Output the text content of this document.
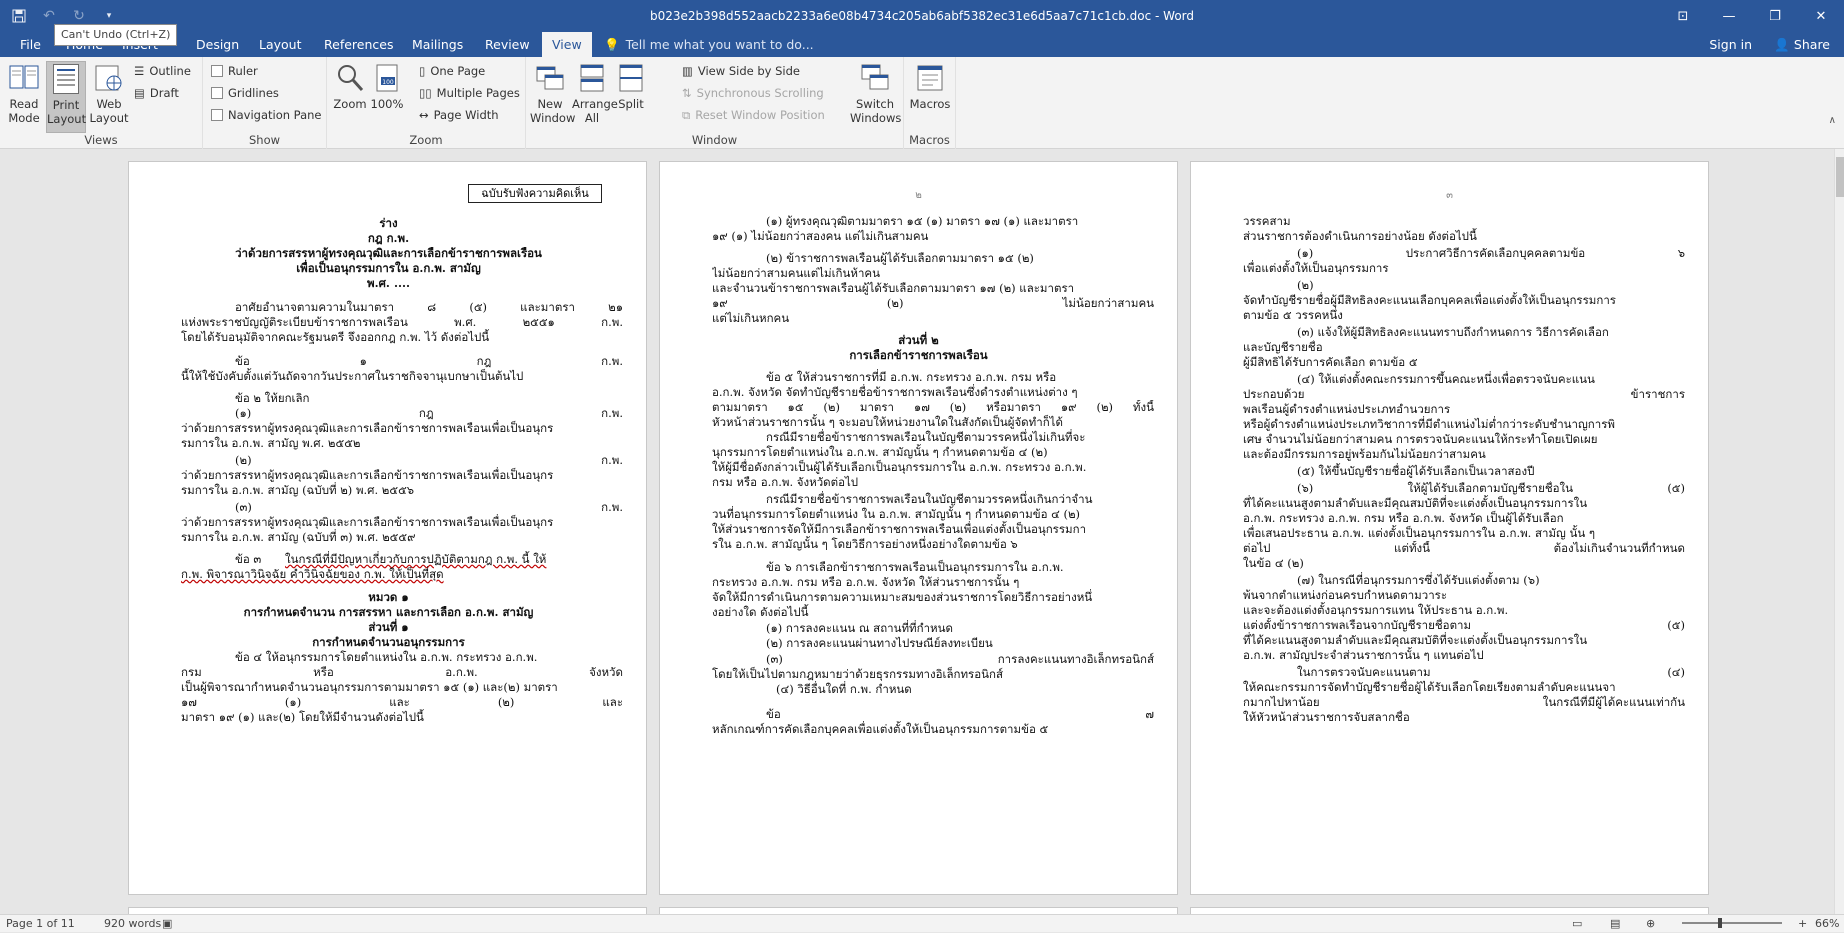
↶	↻	▾	b023e2b398d552aacb2233a6e08b4734c205ab6abf5382ec31e6d5aa7c71c1cb.doc - Word	⊡	—	❐	✕
Can't Undo (Ctrl+Z)
File	Design	Layout	References	Mailings	Review	View	💡 Tell me what you want to do...	Sign in 👤 Share
Read Mode
Print Layout
Web Layout
☰ Outline
▤ Draft
Views
Ruler
Gridlines
Navigation Pane
Show
Zoom
100
100%
▯ One Page
▯▯ Multiple Pages
↔ Page Width
Zoom
New Window
Arrange All
Split
▥ View Side by Side
⇅ Synchronous Scrolling
⧉ Reset Window Position
Switch Windows
Window
Macros
Macros
∧
ฉบับรับฟังความคิดเห็น
ร่าง
กฎ ก.พ.
ว่าด้วยการสรรหาผู้ทรงคุณวุฒิและการเลือกข้าราชการพลเรือน
เพื่อเป็นอนุกรรมการใน อ.ก.พ. สามัญ
พ.ศ. ....
อาศัยอำนาจตามความในมาตรา ๘ (๕) และมาตรา ๒๑
แห่งพระราชบัญญัติระเบียบข้าราชการพลเรือน พ.ศ. ๒๕๕๑ ก.พ.
โดยได้รับอนุมัติจากคณะรัฐมนตรี จึงออกกฎ ก.พ. ไว้ ดังต่อไปนี้
ข้อ ๑ กฎ ก.พ.
นี้ให้ใช้บังคับตั้งแต่วันถัดจากวันประกาศในราชกิจจานุเบกษาเป็นต้นไป
ข้อ ๒ ให้ยกเลิก
(๑) กฎ ก.พ.
ว่าด้วยการสรรหาผู้ทรงคุณวุฒิและการเลือกข้าราชการพลเรือนเพื่อเป็นอนุกร
รมการใน อ.ก.พ. สามัญ พ.ศ. ๒๕๕๒
(๒) ก.พ.
ว่าด้วยการสรรหาผู้ทรงคุณวุฒิและการเลือกข้าราชการพลเรือนเพื่อเป็นอนุกร
รมการใน อ.ก.พ. สามัญ (ฉบับที่ ๒) พ.ศ. ๒๕๕๖
(๓) ก.พ.
ว่าด้วยการสรรหาผู้ทรงคุณวุฒิและการเลือกข้าราชการพลเรือนเพื่อเป็นอนุกร
รมการใน อ.ก.พ. สามัญ (ฉบับที่ ๓) พ.ศ. ๒๕๕๙
ข้อ ๓	ในกรณีที่มีปัญหาเกี่ยวกับการปฏิบัติตามกฎ ก.พ. นี้ ให้
ก.พ. พิจารณาวินิจฉัย คำวินิจฉัยของ ก.พ. ให้เป็นที่สุด
หมวด ๑
การกำหนดจำนวน การสรรหา และการเลือก อ.ก.พ. สามัญ
ส่วนที่ ๑
การกำหนดจำนวนอนุกรรมการ
ข้อ ๔ ให้อนุกรรมการโดยตำแหน่งใน อ.ก.พ. กระทรวง อ.ก.พ.
กรม หรือ อ.ก.พ. จังหวัด
เป็นผู้พิจารณากำหนดจำนวนอนุกรรมการตามมาตรา ๑๕ (๑) และ(๒) มาตรา
๑๗ (๑) และ (๒) และ
มาตรา ๑๙ (๑) และ(๒) โดยให้มีจำนวนดังต่อไปนี้
๒
(๑) ผู้ทรงคุณวุฒิตามมาตรา ๑๕ (๑) มาตรา ๑๗ (๑) และมาตรา
๑๙ (๑) ไม่น้อยกว่าสองคน แต่ไม่เกินสามคน
(๒) ข้าราชการพลเรือนผู้ได้รับเลือกตามมาตรา ๑๕ (๒)
ไม่น้อยกว่าสามคนแต่ไม่เกินห้าคน
และจำนวนข้าราชการพลเรือนผู้ได้รับเลือกตามมาตรา ๑๗ (๒) และมาตรา
๑๙ (๒) ไม่น้อยกว่าสามคน
แต่ไม่เกินหกคน
ส่วนที่ ๒
การเลือกข้าราชการพลเรือน
ข้อ ๕ ให้ส่วนราชการที่มี อ.ก.พ. กระทรวง อ.ก.พ. กรม หรือ
อ.ก.พ. จังหวัด จัดทำบัญชีรายชื่อข้าราชการพลเรือนซึ่งดำรงตำแหน่งต่าง ๆ
ตามมาตรา ๑๕ (๒) มาตรา ๑๗ (๒) หรือมาตรา ๑๙ (๒) ทั้งนี้
หัวหน้าส่วนราชการนั้น ๆ จะมอบให้หน่วยงานใดในสังกัดเป็นผู้จัดทำก็ได้
กรณีมีรายชื่อข้าราชการพลเรือนในบัญชีตามวรรคหนึ่งไม่เกินที่จะ
นุกรรมการโดยตำแหน่งใน อ.ก.พ. สามัญนั้น ๆ กำหนดตามข้อ ๔ (๒)
ให้ผู้มีชื่อดังกล่าวเป็นผู้ได้รับเลือกเป็นอนุกรรมการใน อ.ก.พ. กระทรวง อ.ก.พ.
กรม หรือ อ.ก.พ. จังหวัดต่อไป
กรณีมีรายชื่อข้าราชการพลเรือนในบัญชีตามวรรคหนึ่งเกินกว่าจำน
วนที่อนุกรรมการโดยตำแหน่ง ใน อ.ก.พ. สามัญนั้น ๆ กำหนดตามข้อ ๔ (๒)
ให้ส่วนราชการจัดให้มีการเลือกข้าราชการพลเรือนเพื่อแต่งตั้งเป็นอนุกรรมกา
รใน อ.ก.พ. สามัญนั้น ๆ โดยวิธีการอย่างหนึ่งอย่างใดตามข้อ ๖
ข้อ ๖ การเลือกข้าราชการพลเรือนเป็นอนุกรรมการใน อ.ก.พ.
กระทรวง อ.ก.พ. กรม หรือ อ.ก.พ. จังหวัด ให้ส่วนราชการนั้น ๆ
จัดให้มีการดำเนินการตามความเหมาะสมของส่วนราชการโดยวิธีการอย่างหนึ่
งอย่างใด ดังต่อไปนี้
(๑) การลงคะแนน ณ สถานที่ที่กำหนด
(๒) การลงคะแนนผ่านทางไปรษณีย์ลงทะเบียน
(๓) การลงคะแนนทางอิเล็กทรอนิกส์
โดยให้เป็นไปตามกฎหมายว่าด้วยธุรกรรมทางอิเล็กทรอนิกส์
(๔) วิธีอื่นใดที่ ก.พ. กำหนด
ข้อ ๗
หลักเกณฑ์การคัดเลือกบุคคลเพื่อแต่งตั้งให้เป็นอนุกรรมการตามข้อ ๕
๓
วรรคสาม
ส่วนราชการต้องดำเนินการอย่างน้อย ดังต่อไปนี้
(๑) ประกาศวิธีการคัดเลือกบุคคลตามข้อ ๖
เพื่อแต่งตั้งให้เป็นอนุกรรมการ
(๒)
จัดทำบัญชีรายชื่อผู้มีสิทธิลงคะแนนเลือกบุคคลเพื่อแต่งตั้งให้เป็นอนุกรรมการ
ตามข้อ ๕ วรรคหนึ่ง
(๓) แจ้งให้ผู้มีสิทธิลงคะแนนทราบถึงกำหนดการ วิธีการคัดเลือก
และบัญชีรายชื่อ
ผู้มีสิทธิได้รับการคัดเลือก ตามข้อ ๕
(๔) ให้แต่งตั้งคณะกรรมการขึ้นคณะหนึ่งเพื่อตรวจนับคะแนน
ประกอบด้วย ข้าราชการ
พลเรือนผู้ดำรงตำแหน่งประเภทอำนวยการ
หรือผู้ดำรงตำแหน่งประเภทวิชาการที่มีตำแหน่งไม่ต่ำกว่าระดับชำนาญการพิ
เศษ จำนวนไม่น้อยกว่าสามคน การตรวจนับคะแนนให้กระทำโดยเปิดเผย
และต้องมีกรรมการอยู่พร้อมกันไม่น้อยกว่าสามคน
(๕) ให้ขึ้นบัญชีรายชื่อผู้ได้รับเลือกเป็นเวลาสองปี
(๖) ให้ผู้ได้รับเลือกตามบัญชีรายชื่อใน (๕)
ที่ได้คะแนนสูงตามลำดับและมีคุณสมบัติที่จะแต่งตั้งเป็นอนุกรรมการใน
อ.ก.พ. กระทรวง อ.ก.พ. กรม หรือ อ.ก.พ. จังหวัด เป็นผู้ได้รับเลือก
เพื่อเสนอประธาน อ.ก.พ. แต่งตั้งเป็นอนุกรรมการใน อ.ก.พ. สามัญ นั้น ๆ
ต่อไป แต่ทั้งนี้ ต้องไม่เกินจำนวนที่กำหนด
ในข้อ ๔ (๒)
(๗) ในกรณีที่อนุกรรมการซึ่งได้รับแต่งตั้งตาม (๖)
พ้นจากตำแหน่งก่อนครบกำหนดตามวาระ
และจะต้องแต่งตั้งอนุกรรมการแทน ให้ประธาน อ.ก.พ.
แต่งตั้งข้าราชการพลเรือนจากบัญชีรายชื่อตาม (๕)
ที่ได้คะแนนสูงตามลำดับและมีคุณสมบัติที่จะแต่งตั้งเป็นอนุกรรมการใน
อ.ก.พ. สามัญประจำส่วนราชการนั้น ๆ แทนต่อไป
ในการตรวจนับคะแนนตาม (๔)
ให้คณะกรรมการจัดทำบัญชีรายชื่อผู้ได้รับเลือกโดยเรียงตามลำดับคะแนนจา
กมากไปหาน้อย ในกรณีที่มีผู้ได้คะแนนเท่ากัน
ให้หัวหน้าส่วนราชการจับสลากชื่อ
Page 1 of 11	920 words ▣	▭	▤ ⊕	+ 66%
